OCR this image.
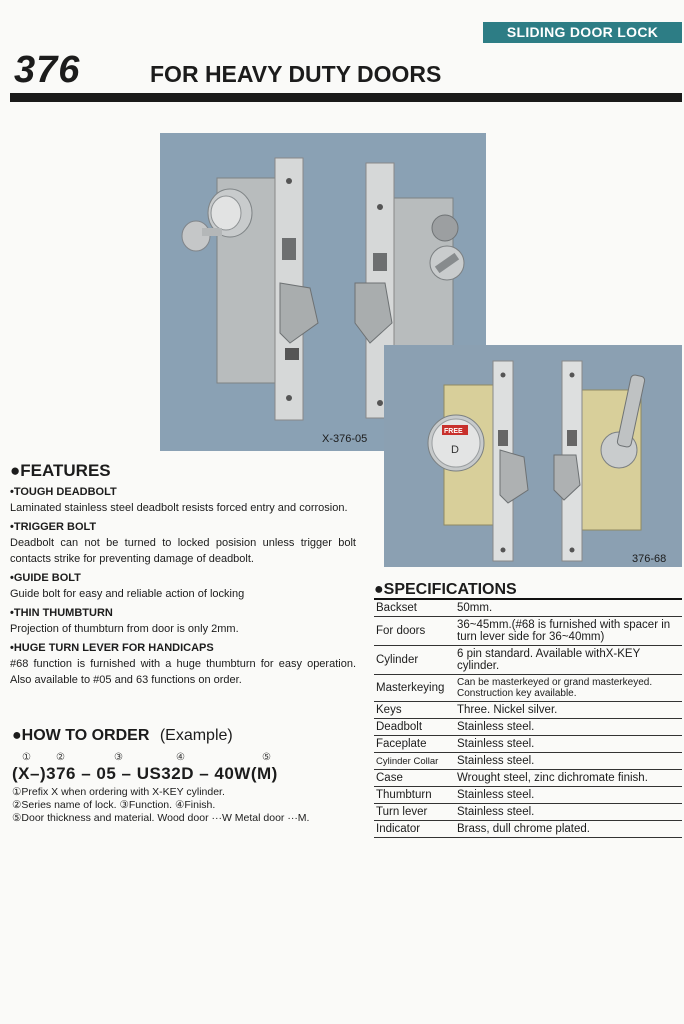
SLIDING DOOR LOCK
376	FOR HEAVY DUTY DOORS
X-376-05
FREE
D
376-68
●FEATURES
•TOUGH DEADBOLT

Laminated stainless steel deadbolt resists forced entry and corrosion.

•TRIGGER BOLT

Deadbolt can not be turned to locked posision unless trigger bolt contacts strike for preventing damage of deadbolt.

•GUIDE BOLT

Guide bolt for easy and reliable action of locking

•THIN THUMBTURN

Projection of thumbturn from door is only 2mm.

•HUGE TURN LEVER FOR HANDICAPS

#68 function is furnished with a huge thumbturn for easy operation. Also available to #05 and 63 functions on order.

●HOW TO ORDER (Example)
①	②	③	④	⑤
(X–)376 – 05 – US32D – 40W(M)
①Prefix X when ordering with X-KEY cylinder.
②Series name of lock. ③Function. ④Finish.
⑤Door thickness and material. Wood door ···W Metal door ···M.
●SPECIFICATIONS
Backset	50mm.
For doors	36~45mm.(#68 is furnished with spacer in turn lever side for 36~40mm)
Cylinder	6 pin standard. Available withX-KEY cylinder.
Masterkeying	Can be masterkeyed or grand masterkeyed. Construction key available.
Keys	Three. Nickel silver.
Deadbolt	Stainless steel.
Faceplate	Stainless steel.
Cylinder Collar	Stainless steel.
Case	Wrought steel, zinc dichromate finish.
Thumbturn	Stainless steel.
Turn lever	Stainless steel.
Indicator	Brass, dull chrome plated.
